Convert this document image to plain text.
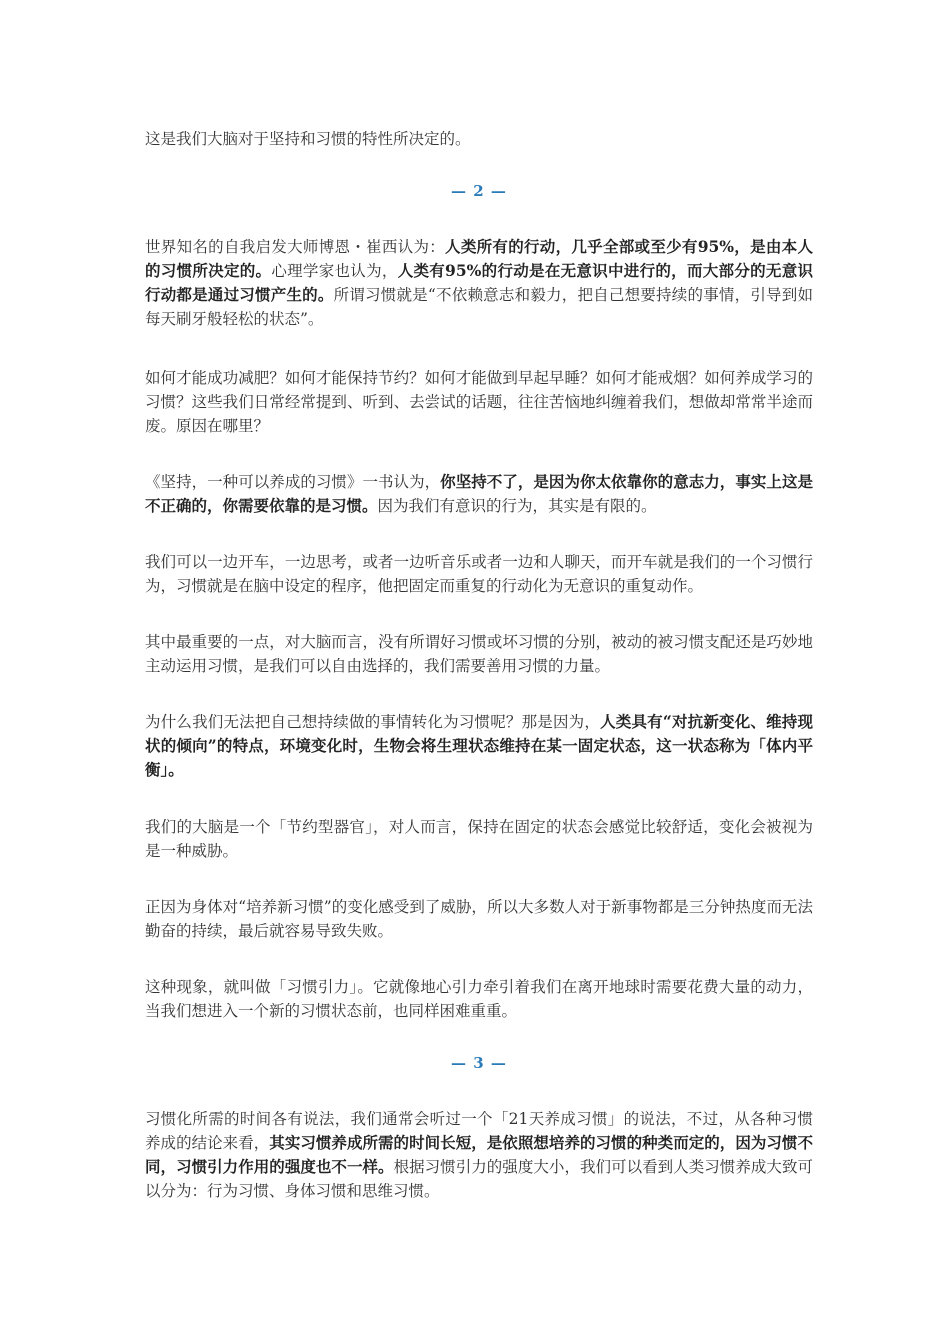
这是我们大脑对于坚持和习惯的特性所决定的。

— 2 —

世界知名的自我启发大师博恩・崔西认为：人类所有的行动，几乎全部或至少有95%，是由本人的习惯所决定的。心理学家也认为，人类有95%的行动是在无意识中进行的，而大部分的无意识行动都是通过习惯产生的。所谓习惯就是“不依赖意志和毅力，把自己想要持续的事情，引导到如每天刷牙般轻松的状态”。

如何才能成功减肥？如何才能保持节约？如何才能做到早起早睡？如何才能戒烟？如何养成学习的习惯？这些我们日常经常提到、听到、去尝试的话题，往往苦恼地纠缠着我们，想做却常常半途而废。原因在哪里？

《坚持，一种可以养成的习惯》一书认为，你坚持不了，是因为你太依靠你的意志力，事实上这是不正确的，你需要依靠的是习惯。因为我们有意识的行为，其实是有限的。

我们可以一边开车，一边思考，或者一边听音乐或者一边和人聊天，而开车就是我们的一个习惯行为，习惯就是在脑中设定的程序，他把固定而重复的行动化为无意识的重复动作。

其中最重要的一点，对大脑而言，没有所谓好习惯或坏习惯的分别，被动的被习惯支配还是巧妙地主动运用习惯，是我们可以自由选择的，我们需要善用习惯的力量。

为什么我们无法把自己想持续做的事情转化为习惯呢？那是因为，人类具有“对抗新变化、维持现状的倾向”的特点，环境变化时，生物会将生理状态维持在某一固定状态，这一状态称为「体内平衡」。

我们的大脑是一个「节约型器官」，对人而言，保持在固定的状态会感觉比较舒适，变化会被视为是一种威胁。

正因为身体对“培养新习惯”的变化感受到了威胁，所以大多数人对于新事物都是三分钟热度而无法勤奋的持续，最后就容易导致失败。

这种现象，就叫做「习惯引力」。它就像地心引力牵引着我们在离开地球时需要花费大量的动力，当我们想进入一个新的习惯状态前，也同样困难重重。

— 3 —

习惯化所需的时间各有说法，我们通常会听过一个「21天养成习惯」的说法，不过，从各种习惯养成的结论来看，其实习惯养成所需的时间长短，是依照想培养的习惯的种类而定的，因为习惯不同，习惯引力作用的强度也不一样。根据习惯引力的强度大小，我们可以看到人类习惯养成大致可以分为：行为习惯、身体习惯和思维习惯。
